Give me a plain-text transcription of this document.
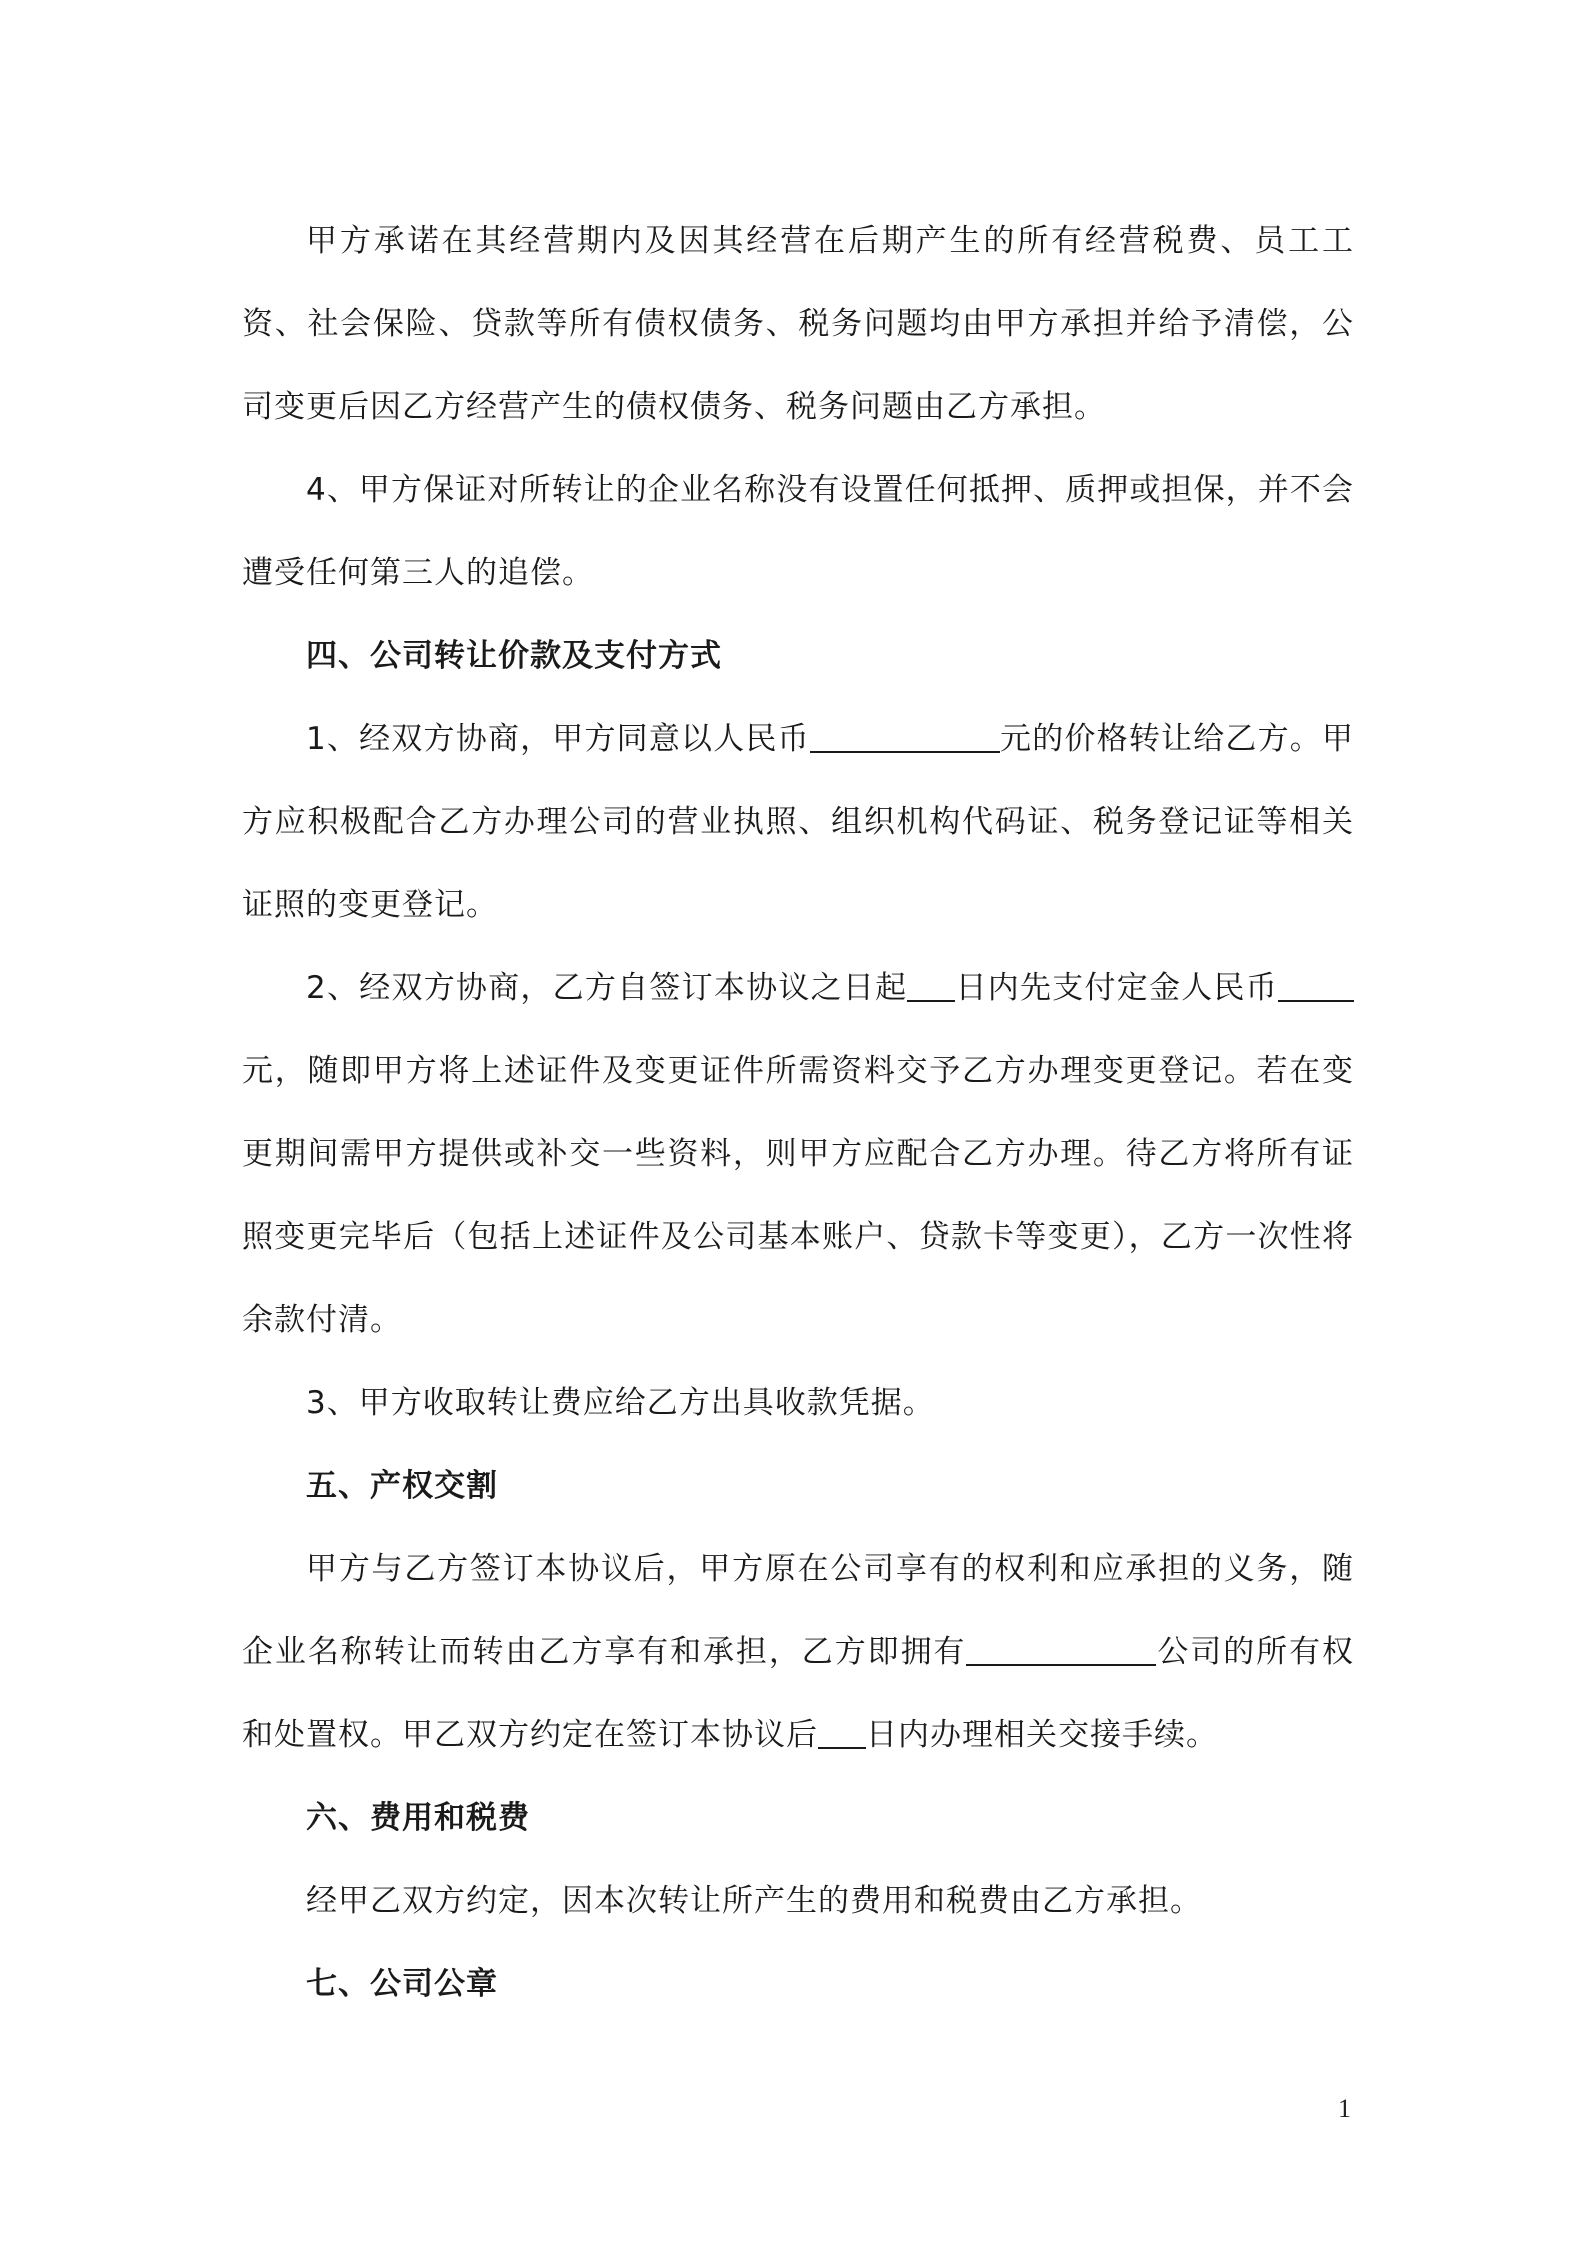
甲方承诺在其经营期内及因其经营在后期产生的所有经营税费、员工工资、社会保险、贷款等所有债权债务、税务问题均由甲方承担并给予清偿，公司变更后因乙方经营产生的债权债务、税务问题由乙方承担。

4、甲方保证对所转让的企业名称没有设置任何抵押、质押或担保，并不会遭受任何第三人的追偿。

四、公司转让价款及支付方式

1、经双方协商，甲方同意以人民币	元的价格转让给乙方。甲方应积极配合乙方办理公司的营业执照、组织机构代码证、税务登记证等相关证照的变更登记。

2、经双方协商，乙方自签订本协议之日起 日内先支付定金人民币元，随即甲方将上述证件及变更证件所需资料交予乙方办理变更登记。若在变更期间需甲方提供或补交一些资料，则甲方应配合乙方办理。待乙方将所有证照变更完毕后（包括上述证件及公司基本账户、贷款卡等变更），乙方一次性将余款付清。

3、甲方收取转让费应给乙方出具收款凭据。

五、产权交割

甲方与乙方签订本协议后，甲方原在公司享有的权利和应承担的义务，随企业名称转让而转由乙方享有和承担，乙方即拥有	公司的所有权和处置权。甲乙双方约定在签订本协议后 日内办理相关交接手续。

六、费用和税费

经甲乙双方约定，因本次转让所产生的费用和税费由乙方承担。

七、公司公章

1
